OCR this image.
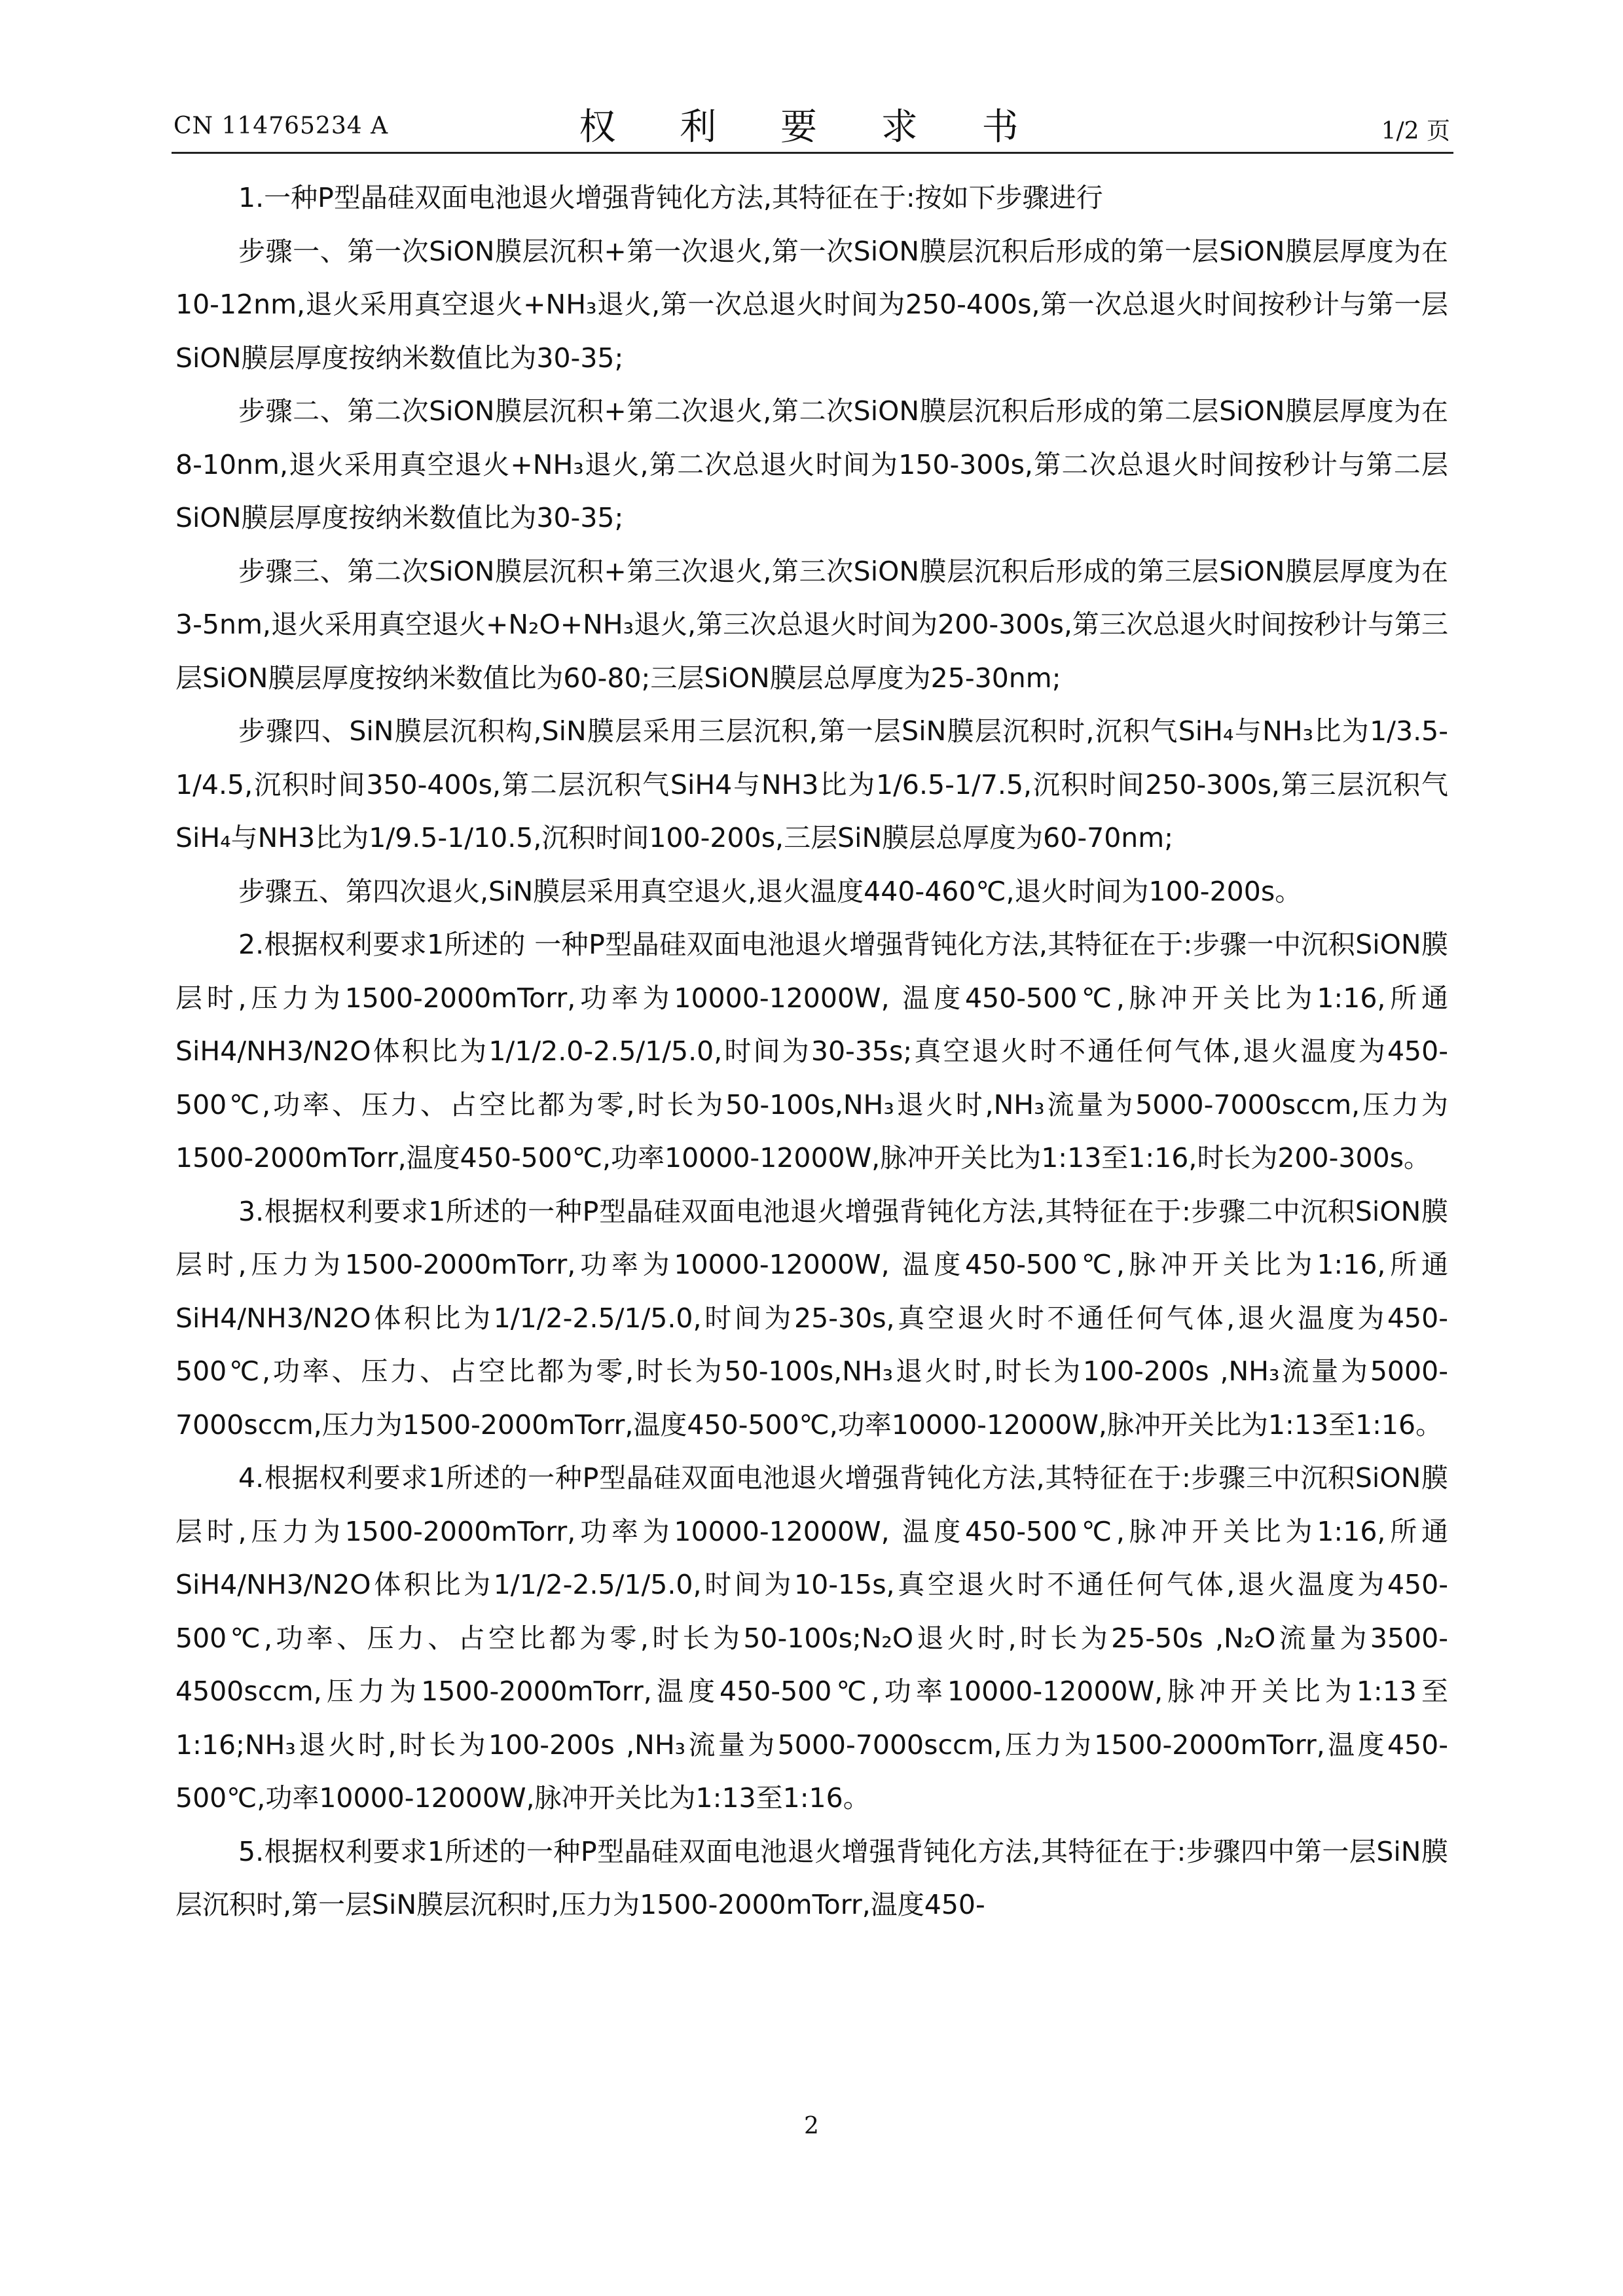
CN 114765234 A	权 利 要 求 书	1/2 页

1.一种P型晶硅双面电池退火增强背钝化方法,其特征在于:按如下步骤进行

步骤一、第一次SiON膜层沉积+第一次退火,第一次SiON膜层沉积后形成的第一层SiON膜层厚度为在10-12nm,退火采用真空退火+NH₃退火,第一次总退火时间为250-400s,第一次总退火时间按秒计与第一层SiON膜层厚度按纳米数值比为30-35;

步骤二、第二次SiON膜层沉积+第二次退火,第二次SiON膜层沉积后形成的第二层SiON膜层厚度为在8-10nm,退火采用真空退火+NH₃退火,第二次总退火时间为150-300s,第二次总退火时间按秒计与第二层SiON膜层厚度按纳米数值比为30-35;

步骤三、第二次SiON膜层沉积+第三次退火,第三次SiON膜层沉积后形成的第三层SiON膜层厚度为在3-5nm,退火采用真空退火+N₂O+NH₃退火,第三次总退火时间为200-300s,第三次总退火时间按秒计与第三层SiON膜层厚度按纳米数值比为60-80;三层SiON膜层总厚度为25-30nm;

步骤四、SiN膜层沉积构,SiN膜层采用三层沉积,第一层SiN膜层沉积时,沉积气SiH₄与NH₃比为1/3.5-1/4.5,沉积时间350-400s,第二层沉积气SiH4与NH3比为1/6.5-1/7.5,沉积时间250-300s,第三层沉积气SiH₄与NH3比为1/9.5-1/10.5,沉积时间100-200s,三层SiN膜层总厚度为60-70nm;

步骤五、第四次退火,SiN膜层采用真空退火,退火温度440-460℃,退火时间为100-200s。

2.根据权利要求1所述的 一种P型晶硅双面电池退火增强背钝化方法,其特征在于:步骤一中沉积SiON膜层时,压力为1500-2000mTorr,功率为10000-12000W, 温度450-500℃,脉冲开关比为1:16,所通SiH4/NH3/N2O体积比为1/1/2.0-2.5/1/5.0,时间为30-35s;真空退火时不通任何气体,退火温度为450-500℃,功率、压力、占空比都为零,时长为50-100s,NH₃退火时,NH₃流量为5000-7000sccm,压力为1500-2000mTorr,温度450-500℃,功率10000-12000W,脉冲开关比为1:13至1:16,时长为200-300s。

3.根据权利要求1所述的一种P型晶硅双面电池退火增强背钝化方法,其特征在于:步骤二中沉积SiON膜层时,压力为1500-2000mTorr,功率为10000-12000W, 温度450-500℃,脉冲开关比为1:16,所通SiH4/NH3/N2O体积比为1/1/2-2.5/1/5.0,时间为25-30s,真空退火时不通任何气体,退火温度为450-500℃,功率、压力、占空比都为零,时长为50-100s,NH₃退火时,时长为100-200s ,NH₃流量为5000-7000sccm,压力为1500-2000mTorr,温度450-500℃,功率10000-12000W,脉冲开关比为1:13至1:16。

4.根据权利要求1所述的一种P型晶硅双面电池退火增强背钝化方法,其特征在于:步骤三中沉积SiON膜层时,压力为1500-2000mTorr,功率为10000-12000W, 温度450-500℃,脉冲开关比为1:16,所通SiH4/NH3/N2O体积比为1/1/2-2.5/1/5.0,时间为10-15s,真空退火时不通任何气体,退火温度为450-500℃,功率、压力、占空比都为零,时长为50-100s;N₂O退火时,时长为25-50s ,N₂O流量为3500-4500sccm,压力为1500-2000mTorr,温度450-500℃,功率10000-12000W,脉冲开关比为1:13至1:16;NH₃退火时,时长为100-200s ,NH₃流量为5000-7000sccm,压力为1500-2000mTorr,温度450-500℃,功率10000-12000W,脉冲开关比为1:13至1:16。

5.根据权利要求1所述的一种P型晶硅双面电池退火增强背钝化方法,其特征在于:步骤四中第一层SiN膜层沉积时,第一层SiN膜层沉积时,压力为1500-2000mTorr,温度450-

2
